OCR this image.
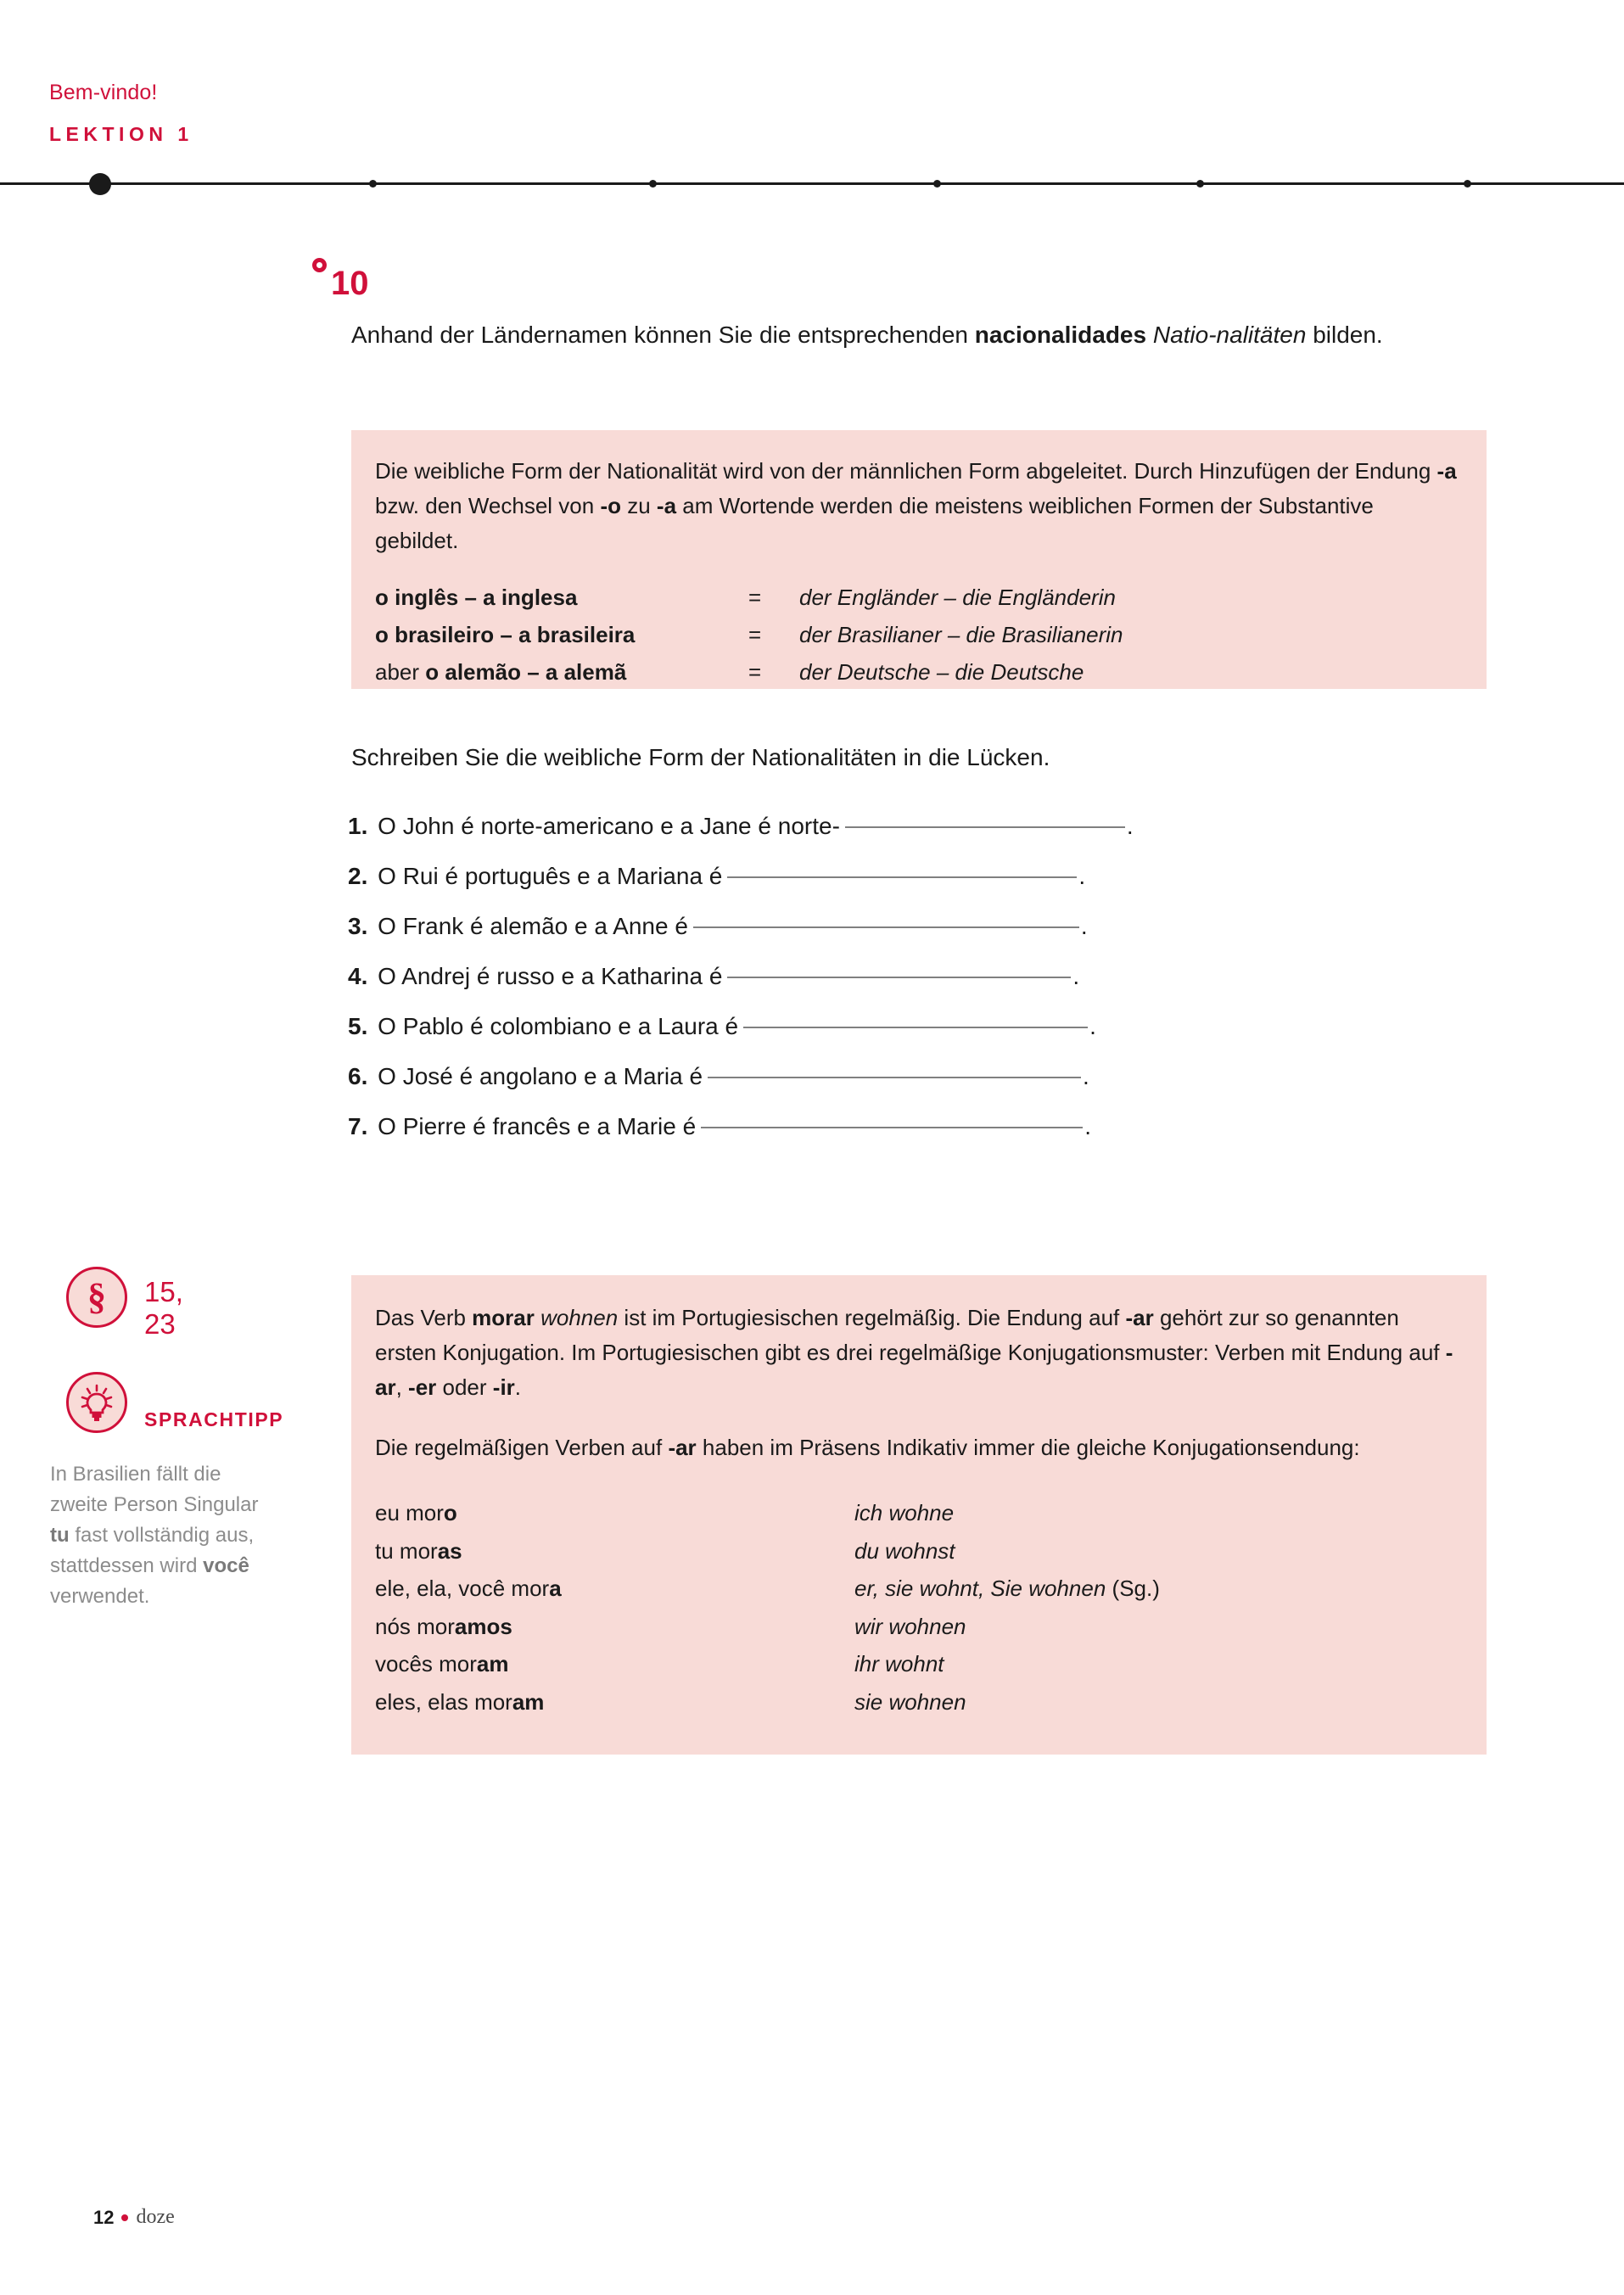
Bem-vindo!
LEKTION 1
10
Anhand der Ländernamen können Sie die entsprechenden nacionalidades Natio-nalitäten bilden.

Die weibliche Form der Nationalität wird von der männlichen Form abgeleitet. Durch Hinzufügen der Endung -a bzw. den Wechsel von -o zu -a am Wortende werden die meistens weiblichen Formen der Substantive gebildet.

o inglês – a inglesa	=	der Engländer – die Engländerin
o brasileiro – a brasileira	=	der Brasilianer – die Brasilianerin
aber o alemão – a alemã	=	der Deutsche – die Deutsche
Schreiben Sie die weibliche Form der Nationalitäten in die Lücken.
1. O John é norte-americano e a Jane é norte-	.
2. O Rui é português e a Mariana é	.
3. O Frank é alemão e a Anne é	.
4. O Andrej é russo e a Katharina é	.
5. O Pablo é colombiano e a Laura é	.
6. O José é angolano e a Maria é	.
7. O Pierre é francês e a Marie é	.
§	15, 23
SPRACHTIPP
In Brasilien fällt die zweite Person Singular tu fast vollständig aus, stattdessen wird você verwendet.

Das Verb morar wohnen ist im Portugiesischen regelmäßig. Die Endung auf -ar gehört zur so genannten ersten Konjugation. Im Portugiesischen gibt es drei regelmäßige Konjugationsmuster: Verben mit Endung auf -ar, -er oder -ir.

Die regelmäßigen Verben auf -ar haben im Präsens Indikativ immer die gleiche Konjugationsendung:

eu moro	ich wohne
tu moras	du wohnst
ele, ela, você mora	er, sie wohnt, Sie wohnen (Sg.)
nós moramos	wir wohnen
vocês moram	ihr wohnt
eles, elas moram	sie wohnen
12 doze
